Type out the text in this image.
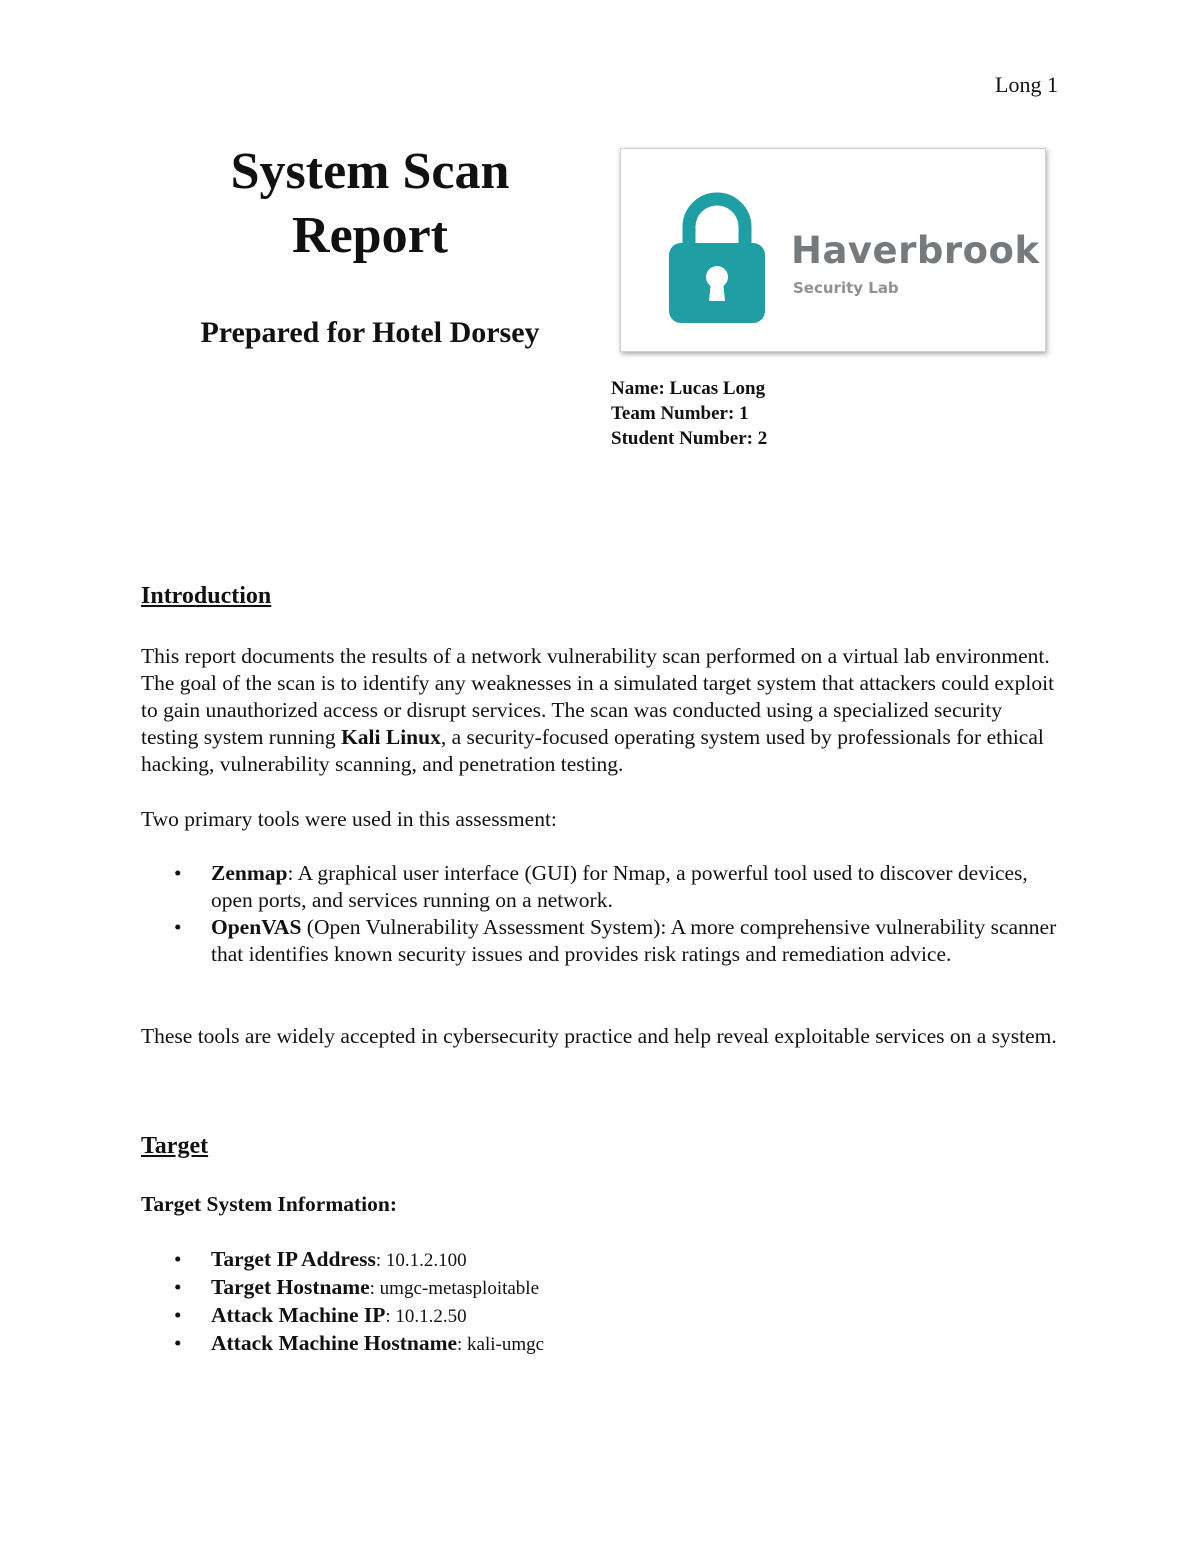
Long 1
System Scan
Report
Prepared for Hotel Dorsey
Haverbrook
Security Lab
Name: Lucas Long
Team Number: 1
Student Number: 2
Introduction
This report documents the results of a network vulnerability scan performed on a virtual lab environment. The goal of the scan is to identify any weaknesses in a simulated target system that attackers could exploit to gain unauthorized access or disrupt services. The scan was conducted using a specialized security testing system running Kali Linux, a security-focused operating system used by professionals for ethical hacking, vulnerability scanning, and penetration testing.
Two primary tools were used in this assessment:
• Zenmap: A graphical user interface (GUI) for Nmap, a powerful tool used to discover devices, open ports, and services running on a network.
• OpenVAS (Open Vulnerability Assessment System): A more comprehensive vulnerability scanner that identifies known security issues and provides risk ratings and remediation advice.
These tools are widely accepted in cybersecurity practice and help reveal exploitable services on a system.
Target
Target System Information:
• Target IP Address: 10.1.2.100
• Target Hostname: umgc-metasploitable
• Attack Machine IP: 10.1.2.50
• Attack Machine Hostname: kali-umgc
